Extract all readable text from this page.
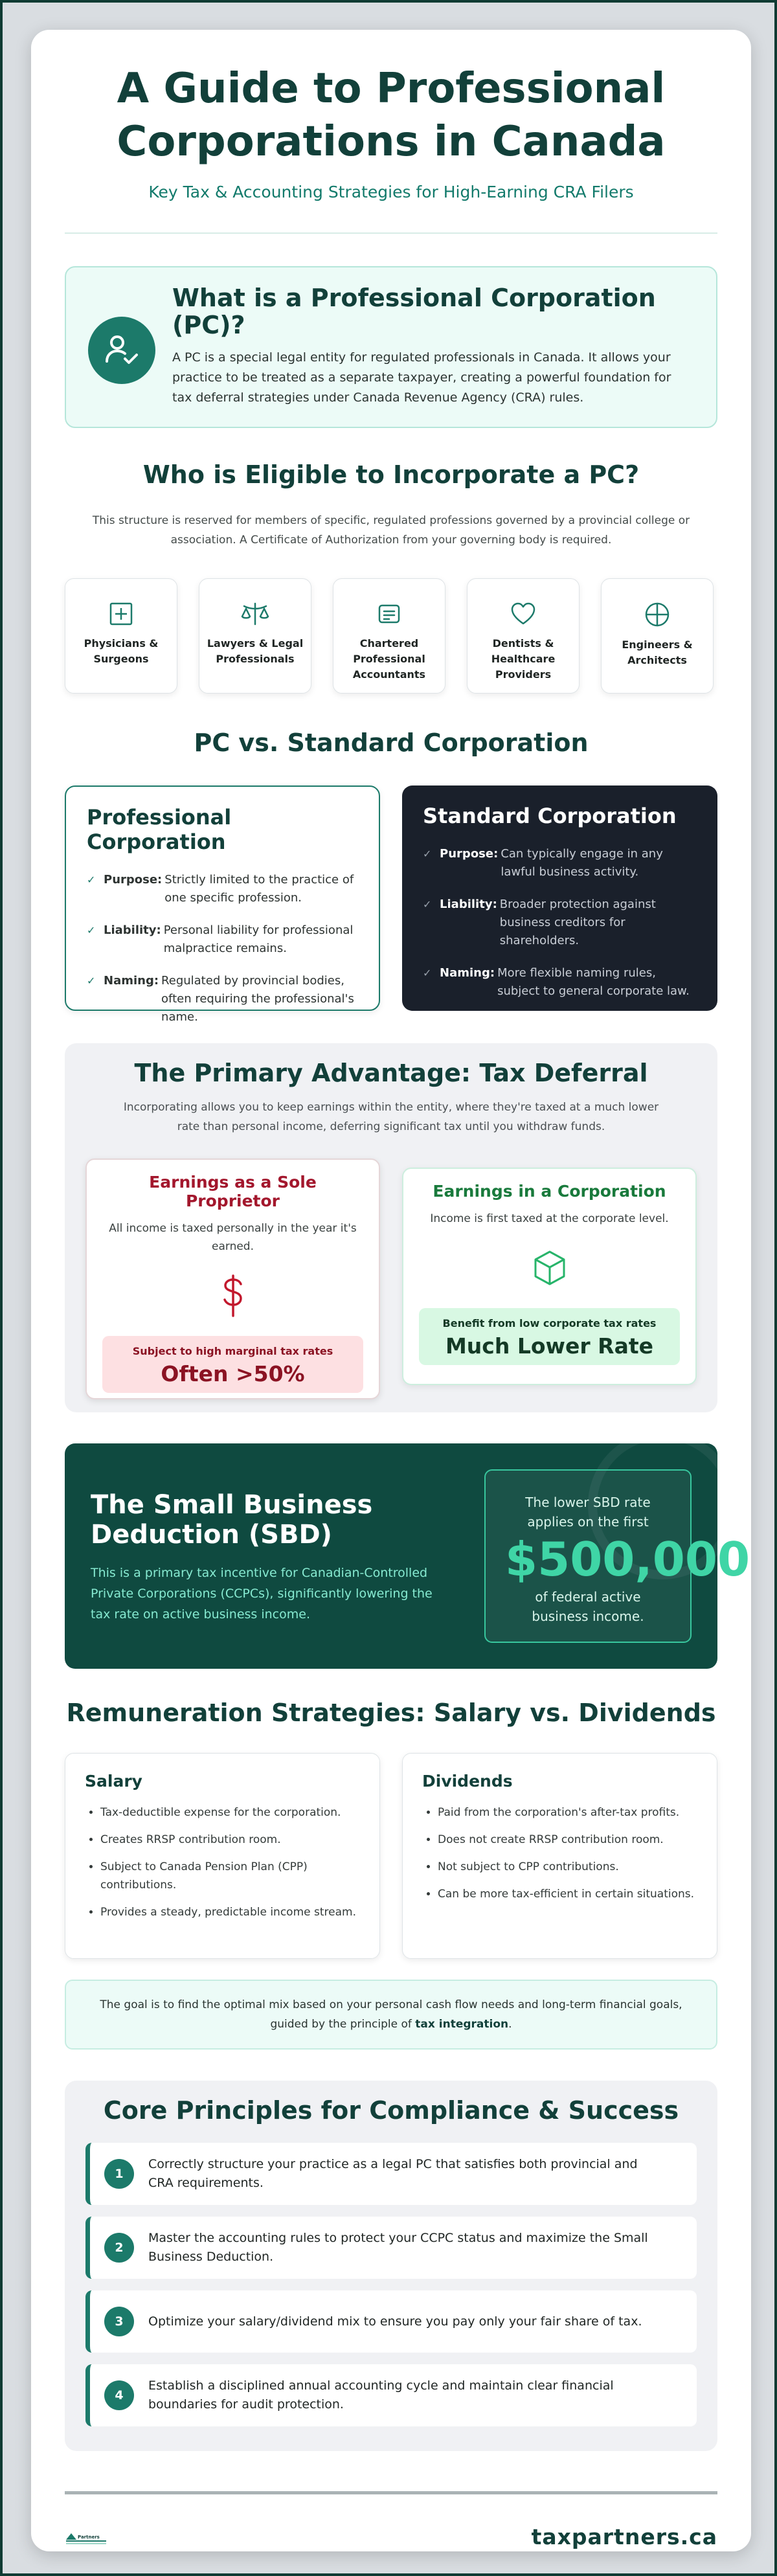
A Guide to Professional Corporations in Canada
Key Tax & Accounting Strategies for High-Earning CRA Filers
What is a Professional Corporation (PC)?

A PC is a special legal entity for regulated professionals in Canada. It allows your practice to be treated as a separate taxpayer, creating a powerful foundation for tax deferral strategies under Canada Revenue Agency (CRA) rules.

Who is Eligible to Incorporate a PC?

This structure is reserved for members of specific, regulated professions governed by a provincial college or association. A Certificate of Authorization from your governing body is required.

Physicians & Surgeons
Lawyers & Legal Professionals
Chartered Professional Accountants
Dentists & Healthcare Providers
Engineers & Architects
PC vs. Standard Corporation
Professional Corporation
✓ Purpose: Strictly limited to the practice of one specific profession.
✓ Liability: Personal liability for professional malpractice remains.
✓ Naming: Regulated by provincial bodies, often requiring the professional's name.
Standard Corporation
✓ Purpose: Can typically engage in any lawful business activity.
✓ Liability: Broader protection against business creditors for shareholders.
✓ Naming: More flexible naming rules, subject to general corporate law.
The Primary Advantage: Tax Deferral

Incorporating allows you to keep earnings within the entity, where they're taxed at a much lower rate than personal income, deferring significant tax until you withdraw funds.

Earnings as a Sole Proprietor

All income is taxed personally in the year it's earned.

Subject to high marginal tax rates
Often >50%
Earnings in a Corporation

Income is first taxed at the corporate level.

Benefit from low corporate tax rates
Much Lower Rate
The Small Business Deduction (SBD)

This is a primary tax incentive for Canadian-Controlled Private Corporations (CCPCs), significantly lowering the tax rate on active business income.

The lower SBD rate applies on the first
$500,000
of federal active business income.
Remuneration Strategies: Salary vs. Dividends
Salary
• Tax-deductible expense for the corporation.
• Creates RRSP contribution room.
• Subject to Canada Pension Plan (CPP) contributions.
• Provides a steady, predictable income stream.
Dividends
• Paid from the corporation's after-tax profits.
• Does not create RRSP contribution room.
• Not subject to CPP contributions.
• Can be more tax-efficient in certain situations.
The goal is to find the optimal mix based on your personal cash flow needs and long-term financial goals, guided by the principle of tax integration.
Core Principles for Compliance & Success
1
Correctly structure your practice as a legal PC that satisfies both provincial and CRA requirements.
2
Master the accounting rules to protect your CCPC status and maximize the Small Business Deduction.
3	Optimize your salary/dividend mix to ensure you pay only your fair share of tax.
4
Establish a disciplined annual accounting cycle and maintain clear financial boundaries for audit protection.
Partners	taxpartners.ca
